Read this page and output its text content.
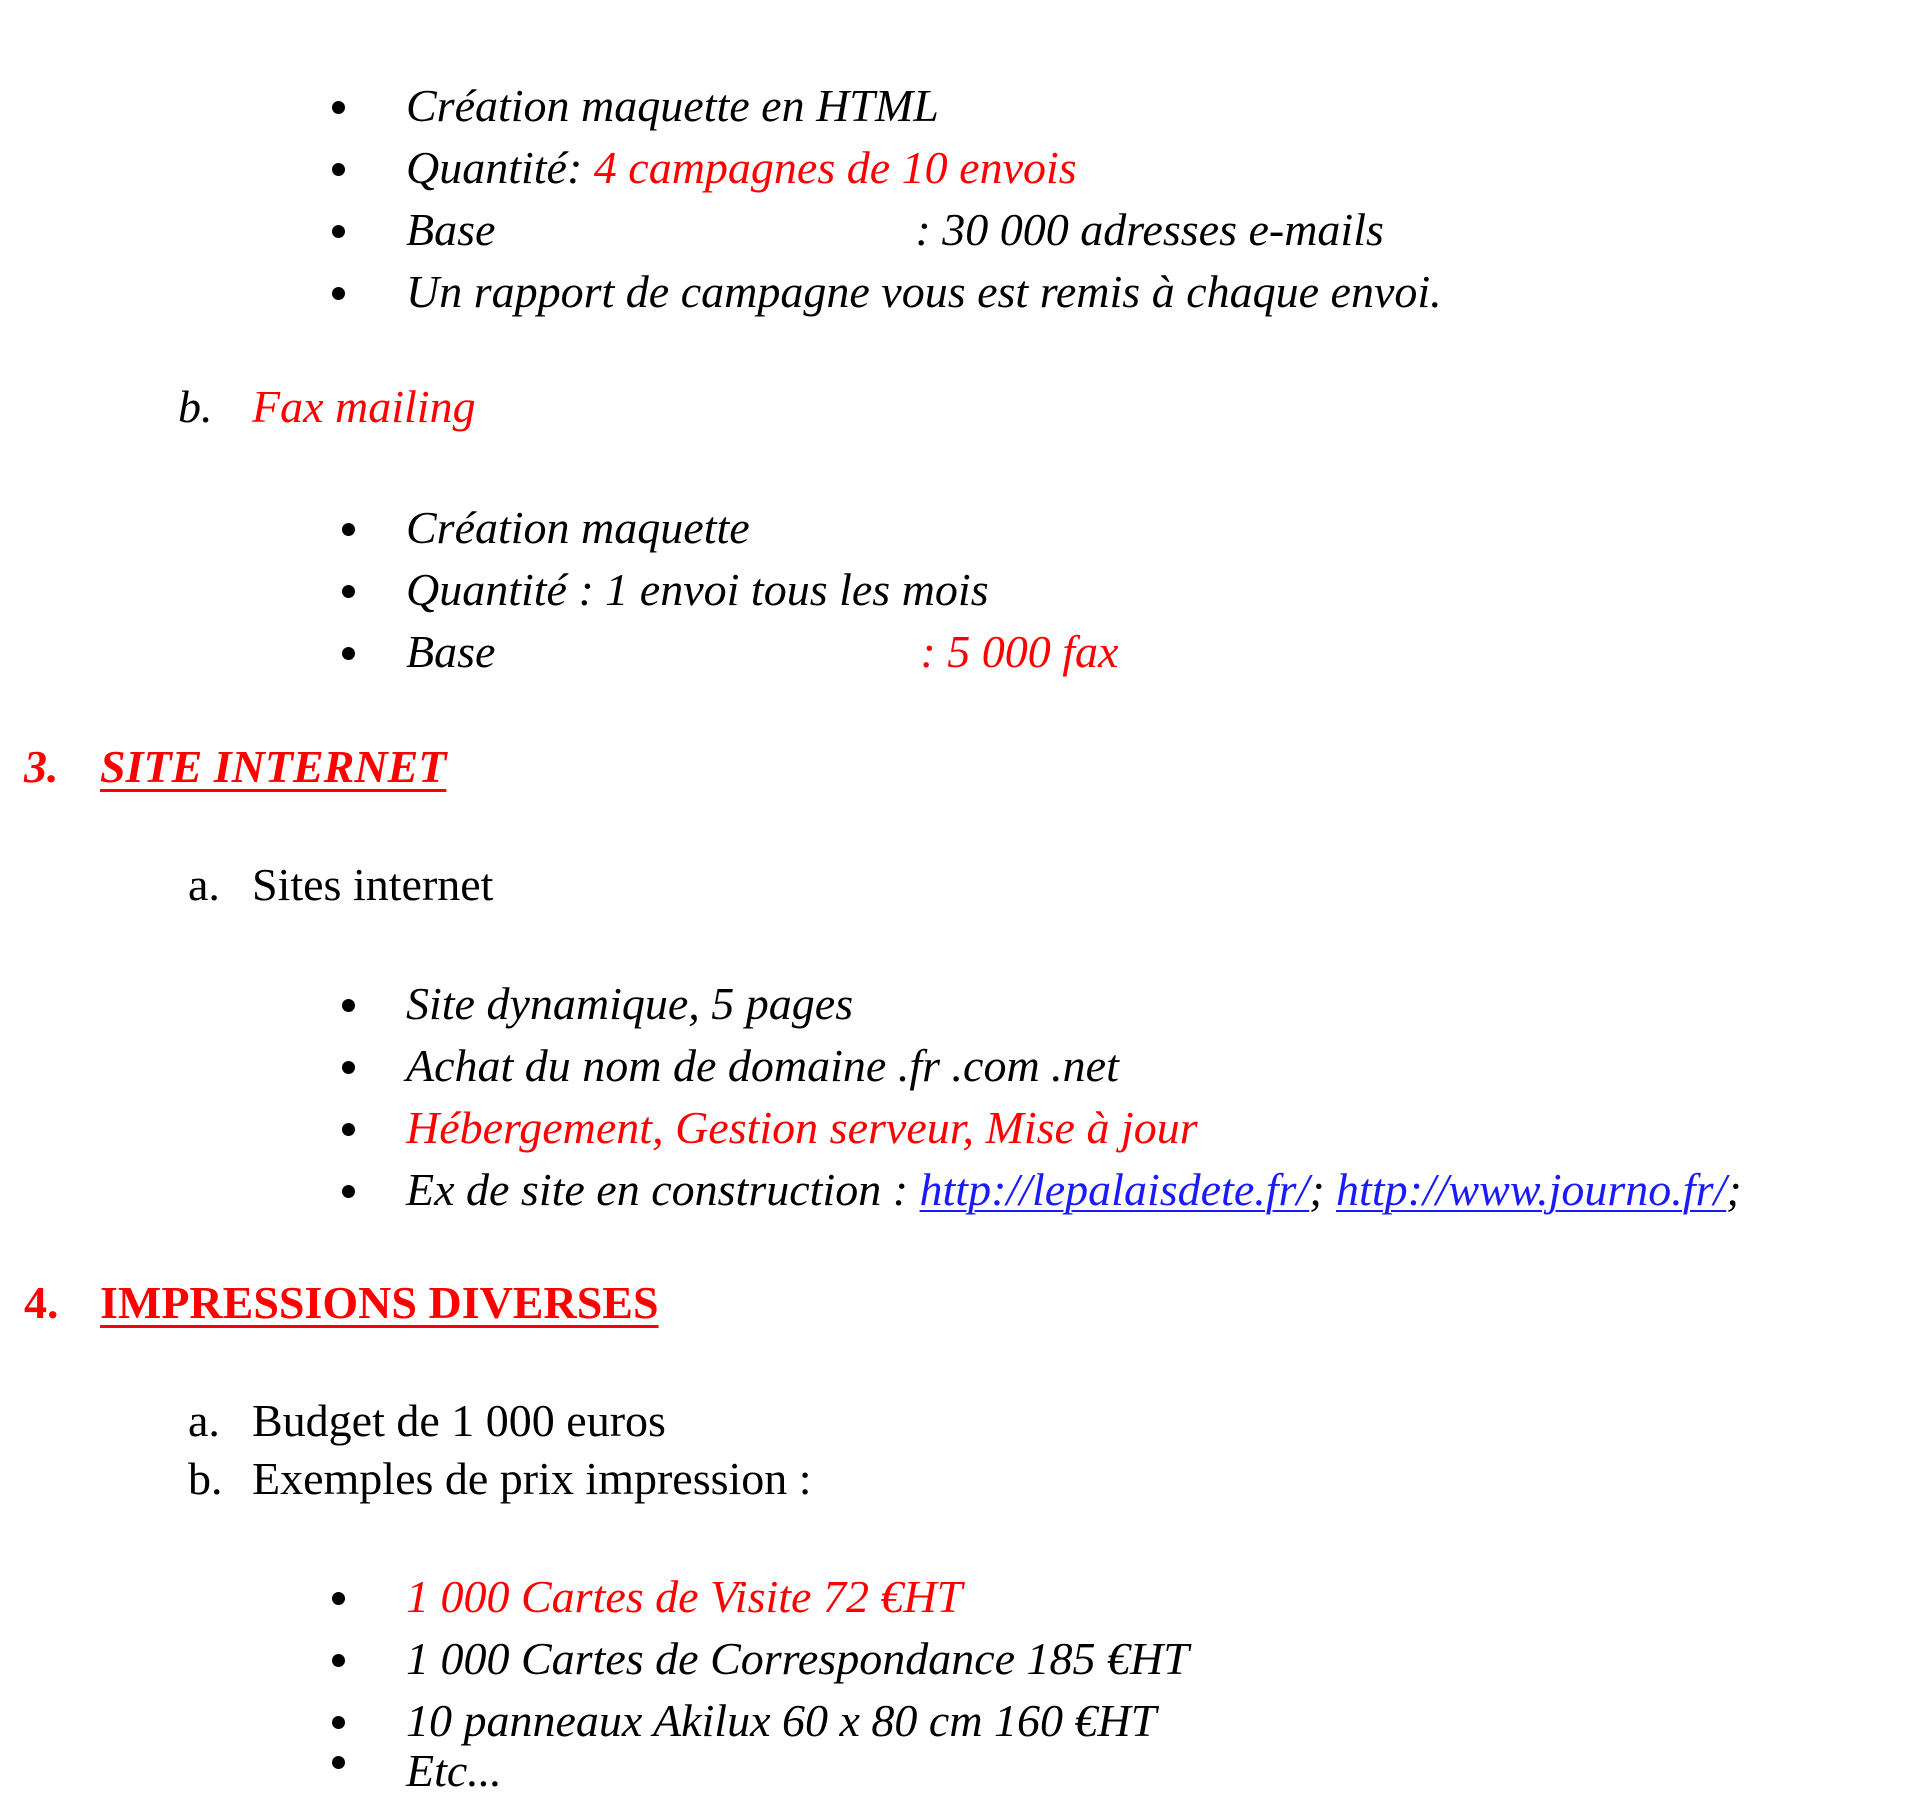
Création maquette en HTML
Quantité: 4 campagnes de 10 envois
Base	: 30 000 adresses e-mails
Un rapport de campagne vous est remis à chaque envoi.
b. Fax mailing
Création maquette
Quantité : 1 envoi tous les mois
Base	: 5 000 fax
3. SITE INTERNET
a. Sites internet
Site dynamique, 5 pages
Achat du nom de domaine .fr .com .net
Hébergement, Gestion serveur, Mise à jour
Ex de site en construction : http://lepalaisdete.fr/; http://www.journo.fr/;
4. IMPRESSIONS DIVERSES
a. Budget de 1 000 euros
b. Exemples de prix impression :
1 000 Cartes de Visite 72 €HT
1 000 Cartes de Correspondance 185 €HT
10 panneaux Akilux 60 x 80 cm 160 €HT
Etc...
